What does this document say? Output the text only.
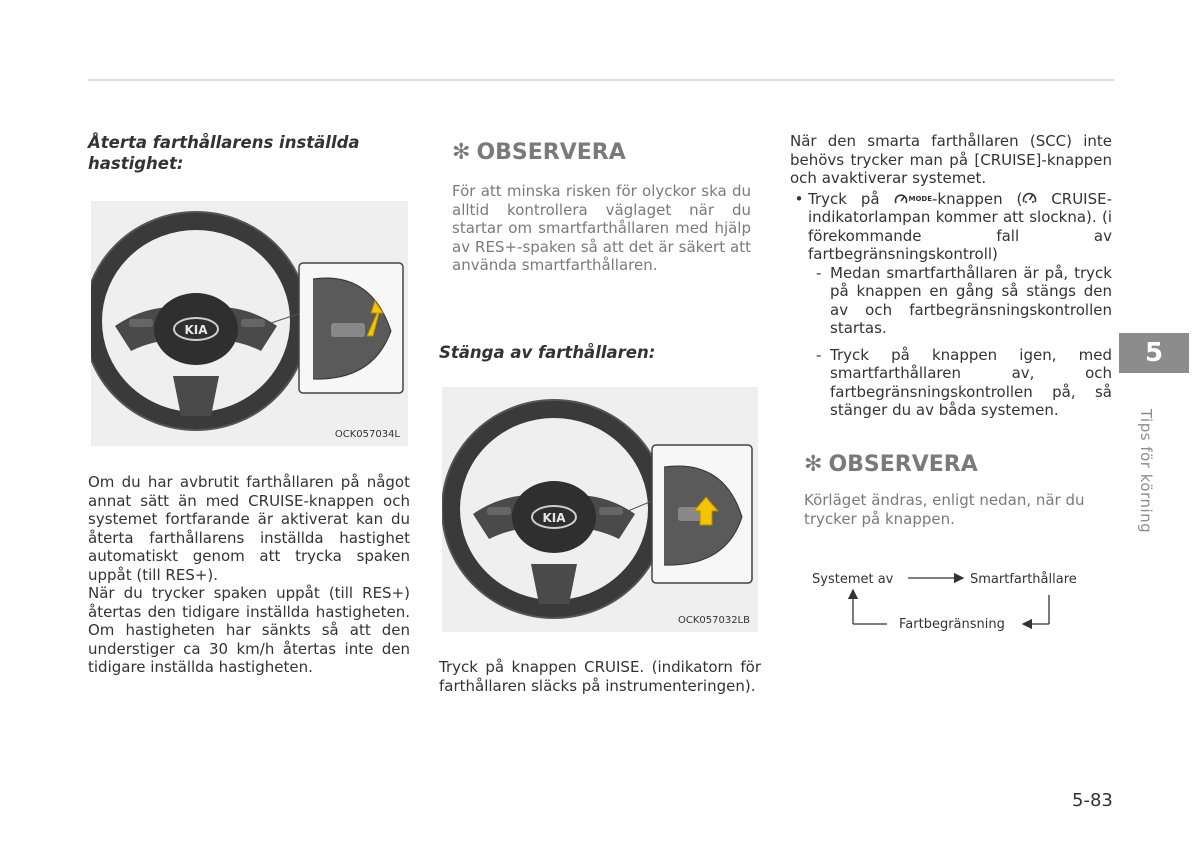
Återta farthållarens inställda hastighet:

KIA
OCK057034L

Om du har avbrutit farthållaren på något annat sätt än med CRUISE-knappen och systemet fortfarande är aktiverat kan du återta farthållarens inställda hastighet automatiskt genom att trycka spaken uppåt (till RES+).
När du trycker spaken uppåt (till RES+) återtas den tidigare inställda hastigheten. Om hastigheten har sänkts så att den understiger ca 30 km/h återtas inte den tidigare inställda hastigheten.

✻ OBSERVERA

För att minska risken för olyckor ska du alltid kontrollera väglaget när du startar om smartfarthållaren med hjälp av RES+-spaken så att det är säkert att använda smartfarthållaren.

Stänga av farthållaren:

KIA
OCK057032LB

Tryck på knappen CRUISE. (indikatorn för farthållaren släcks på instrumenteringen).

När den smarta farthållaren (SCC) inte behövs trycker man på [CRUISE]-knappen och avaktiverar systemet.

• Tryck på	MODE -knappen ( CRUISE-indikatorlampan kommer att slockna). (i förekommande fall av fartbegränsningskontroll)
- Medan smartfarthållaren är på, tryck på knappen en gång så stängs den av och fartbegränsningskontrollen startas.
- Tryck på knappen igen, med smartfarthållaren av, och fartbegränsningskontrollen på, så stänger du av båda systemen.
✻ OBSERVERA

Körläget ändras, enligt nedan, när du trycker på knappen.

Systemet av	Smartfarthållare
Fartbegränsning
5
Tips för körning
5-83
